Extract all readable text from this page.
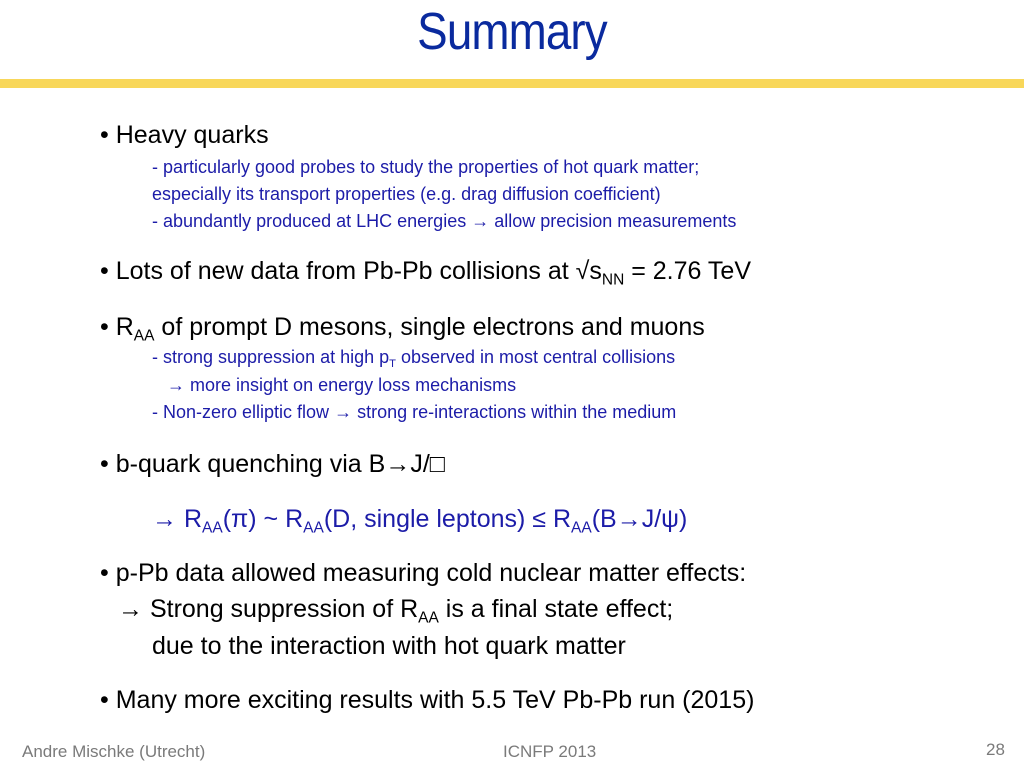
Summary
• Heavy quarks
- particularly good probes to study the properties of hot quark matter;
especially its transport properties (e.g. drag diffusion coefficient)
- abundantly produced at LHC energies → allow precision measurements
• Lots of new data from Pb-Pb collisions at $√s_{NN} = 2.76$ TeV
• $R_{AA}$ of prompt D mesons, single electrons and muons
- strong suppression at high $p_T$ observed in most central collisions
→ more insight on energy loss mechanisms
- Non-zero elliptic flow → strong re-interactions within the medium
• b-quark quenching via B→J/□
→ $R_{AA}(\pi)$ ~ $R_{AA}(D$, single leptons) ≤ $R_{AA}(B\to J/\psi)$
• p-Pb data allowed measuring cold nuclear matter effects:
→ Strong suppression of $R_{AA}$ is a final state effect;
due to the interaction with hot quark matter
• Many more exciting results with 5.5 TeV Pb-Pb run (2015)
Andre Mischke (Utrecht)	ICNFP 2013	28
